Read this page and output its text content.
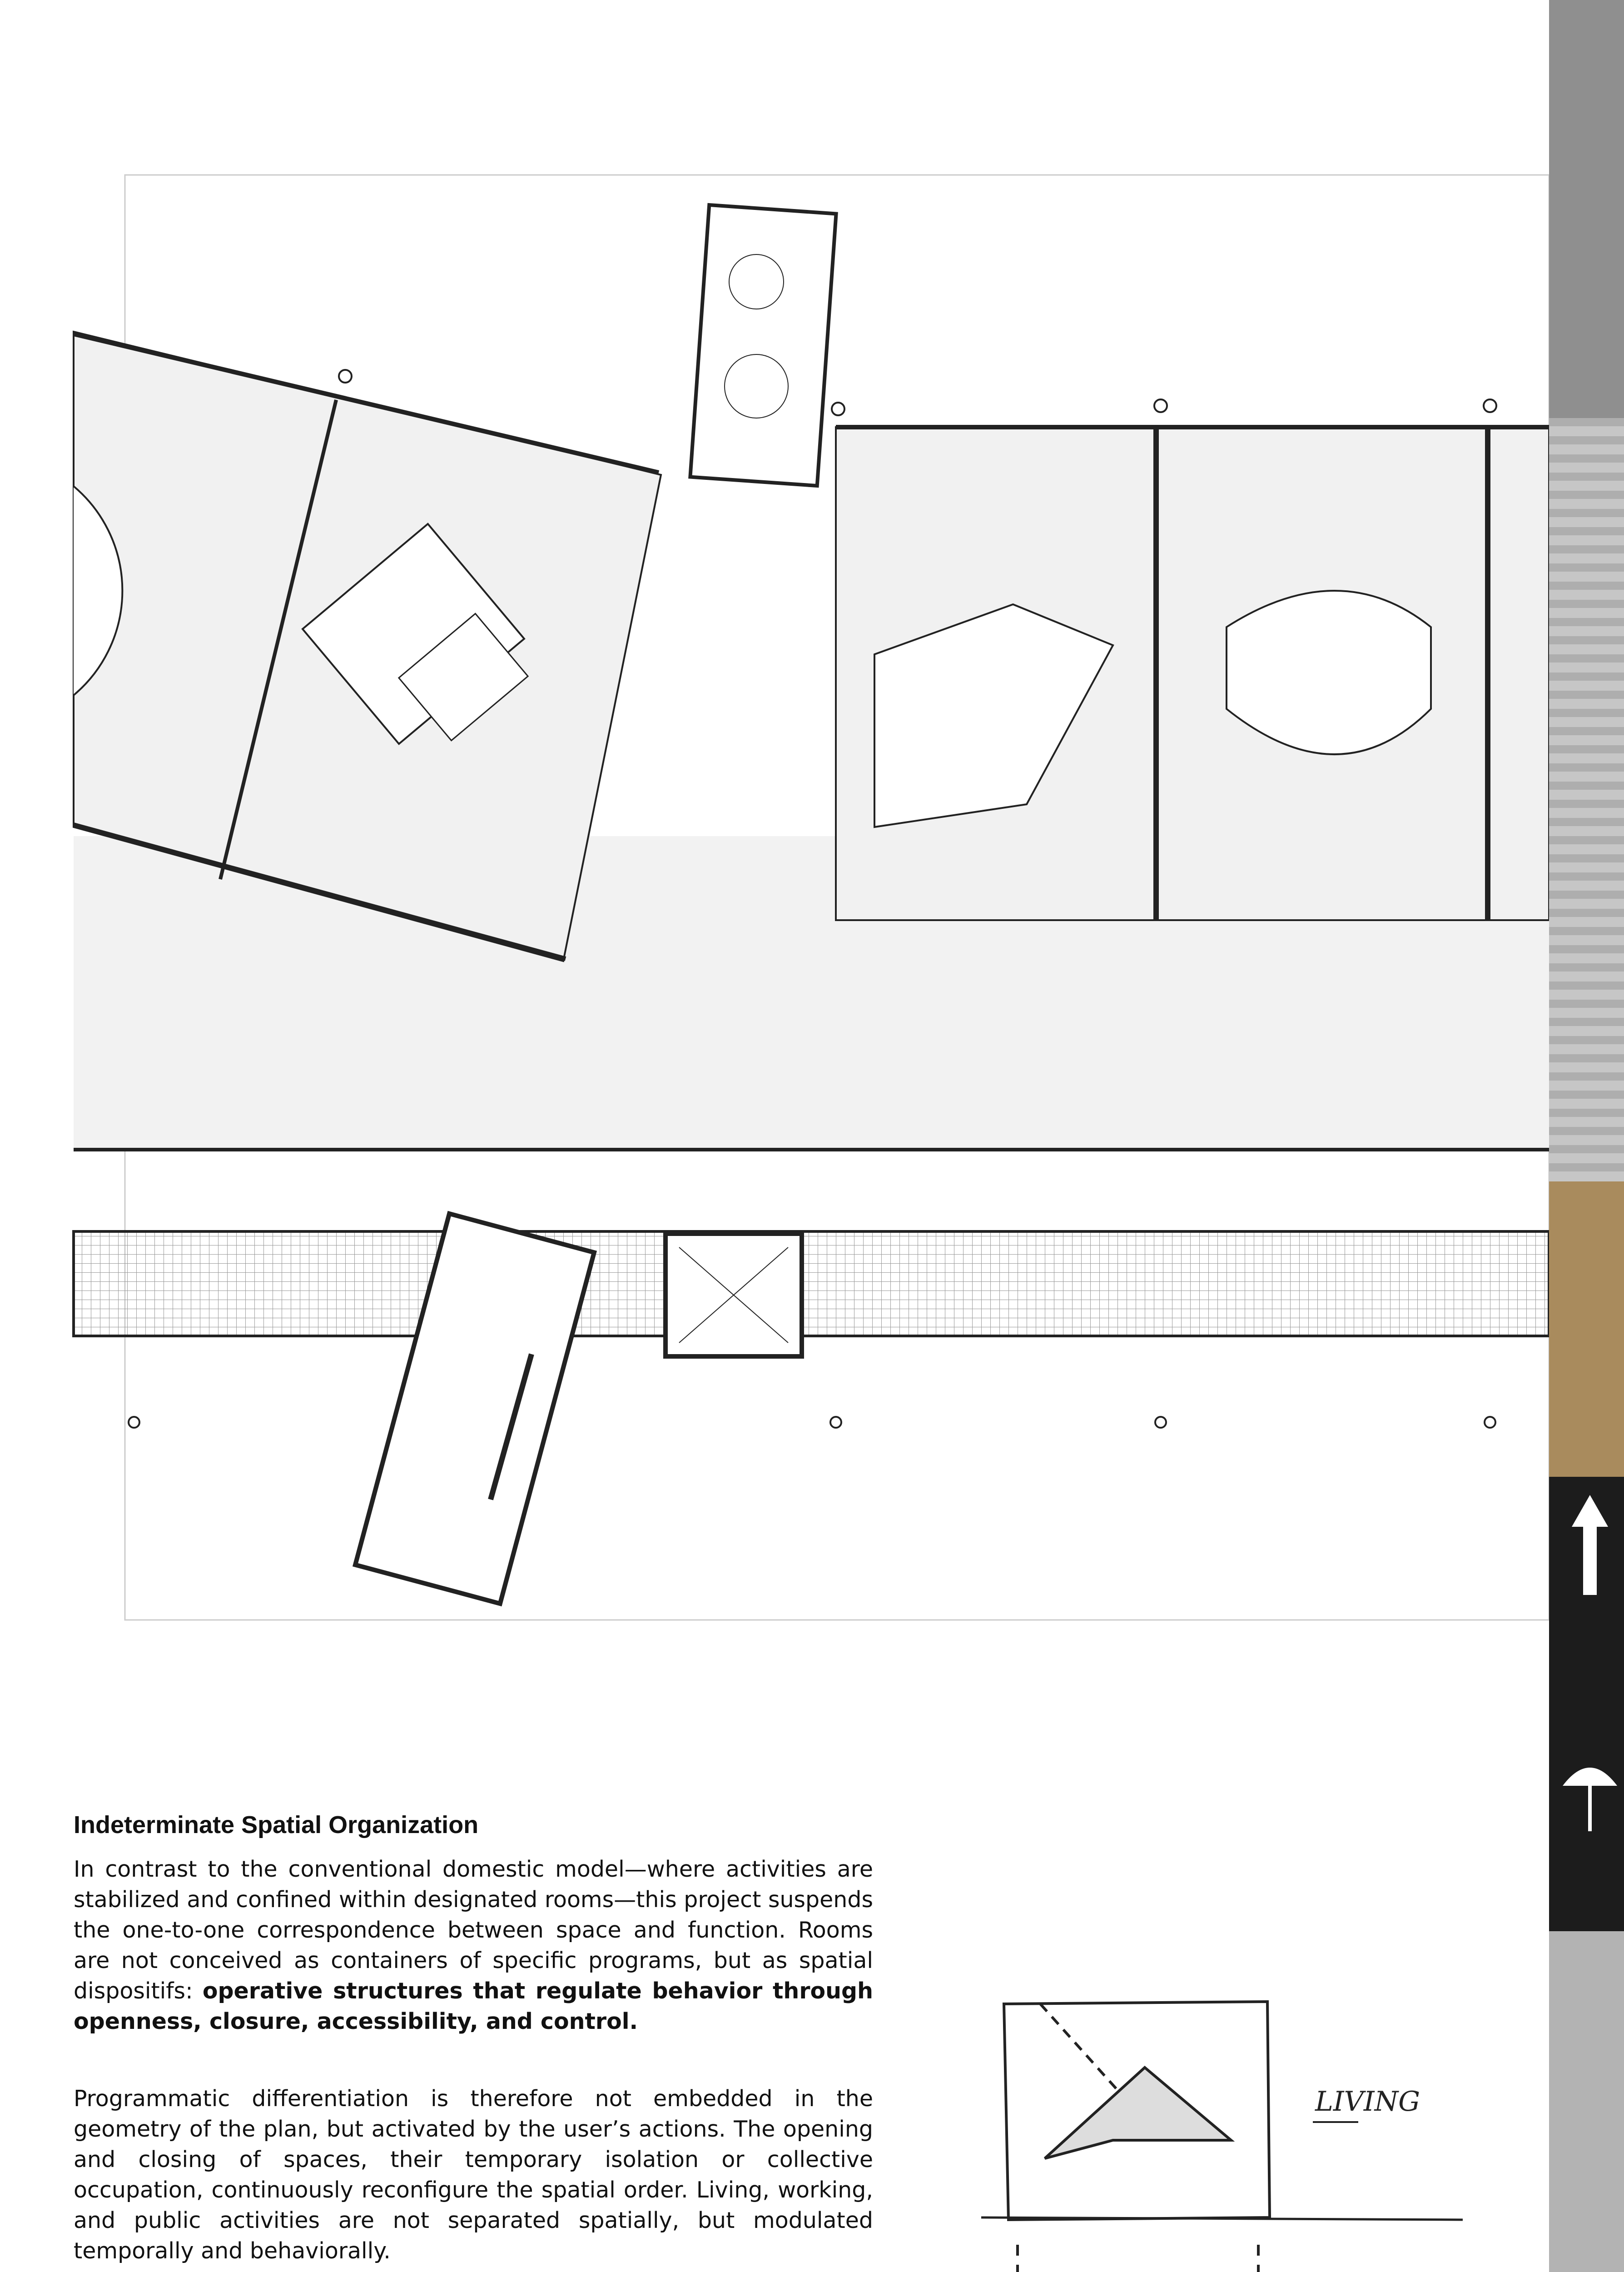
Indeterminate Spatial Organization

In contrast to the conventional domestic model—where activities are stabilized and confined within designated rooms—this project suspends the one-to-one correspondence between space and function. Rooms are not conceived as containers of specific programs, but as spatial dispositifs: operative structures that regulate behavior through openness, closure, accessibility, and control.

Programmatic differentiation is therefore not embedded in the geometry of the plan, but activated by the user’s actions. The opening and closing of spaces, their temporary isolation or collective occupation, continuously reconfigure the spatial order. Living, working, and public activities are not separated spatially, but modulated temporally and behaviorally.

LIVING
